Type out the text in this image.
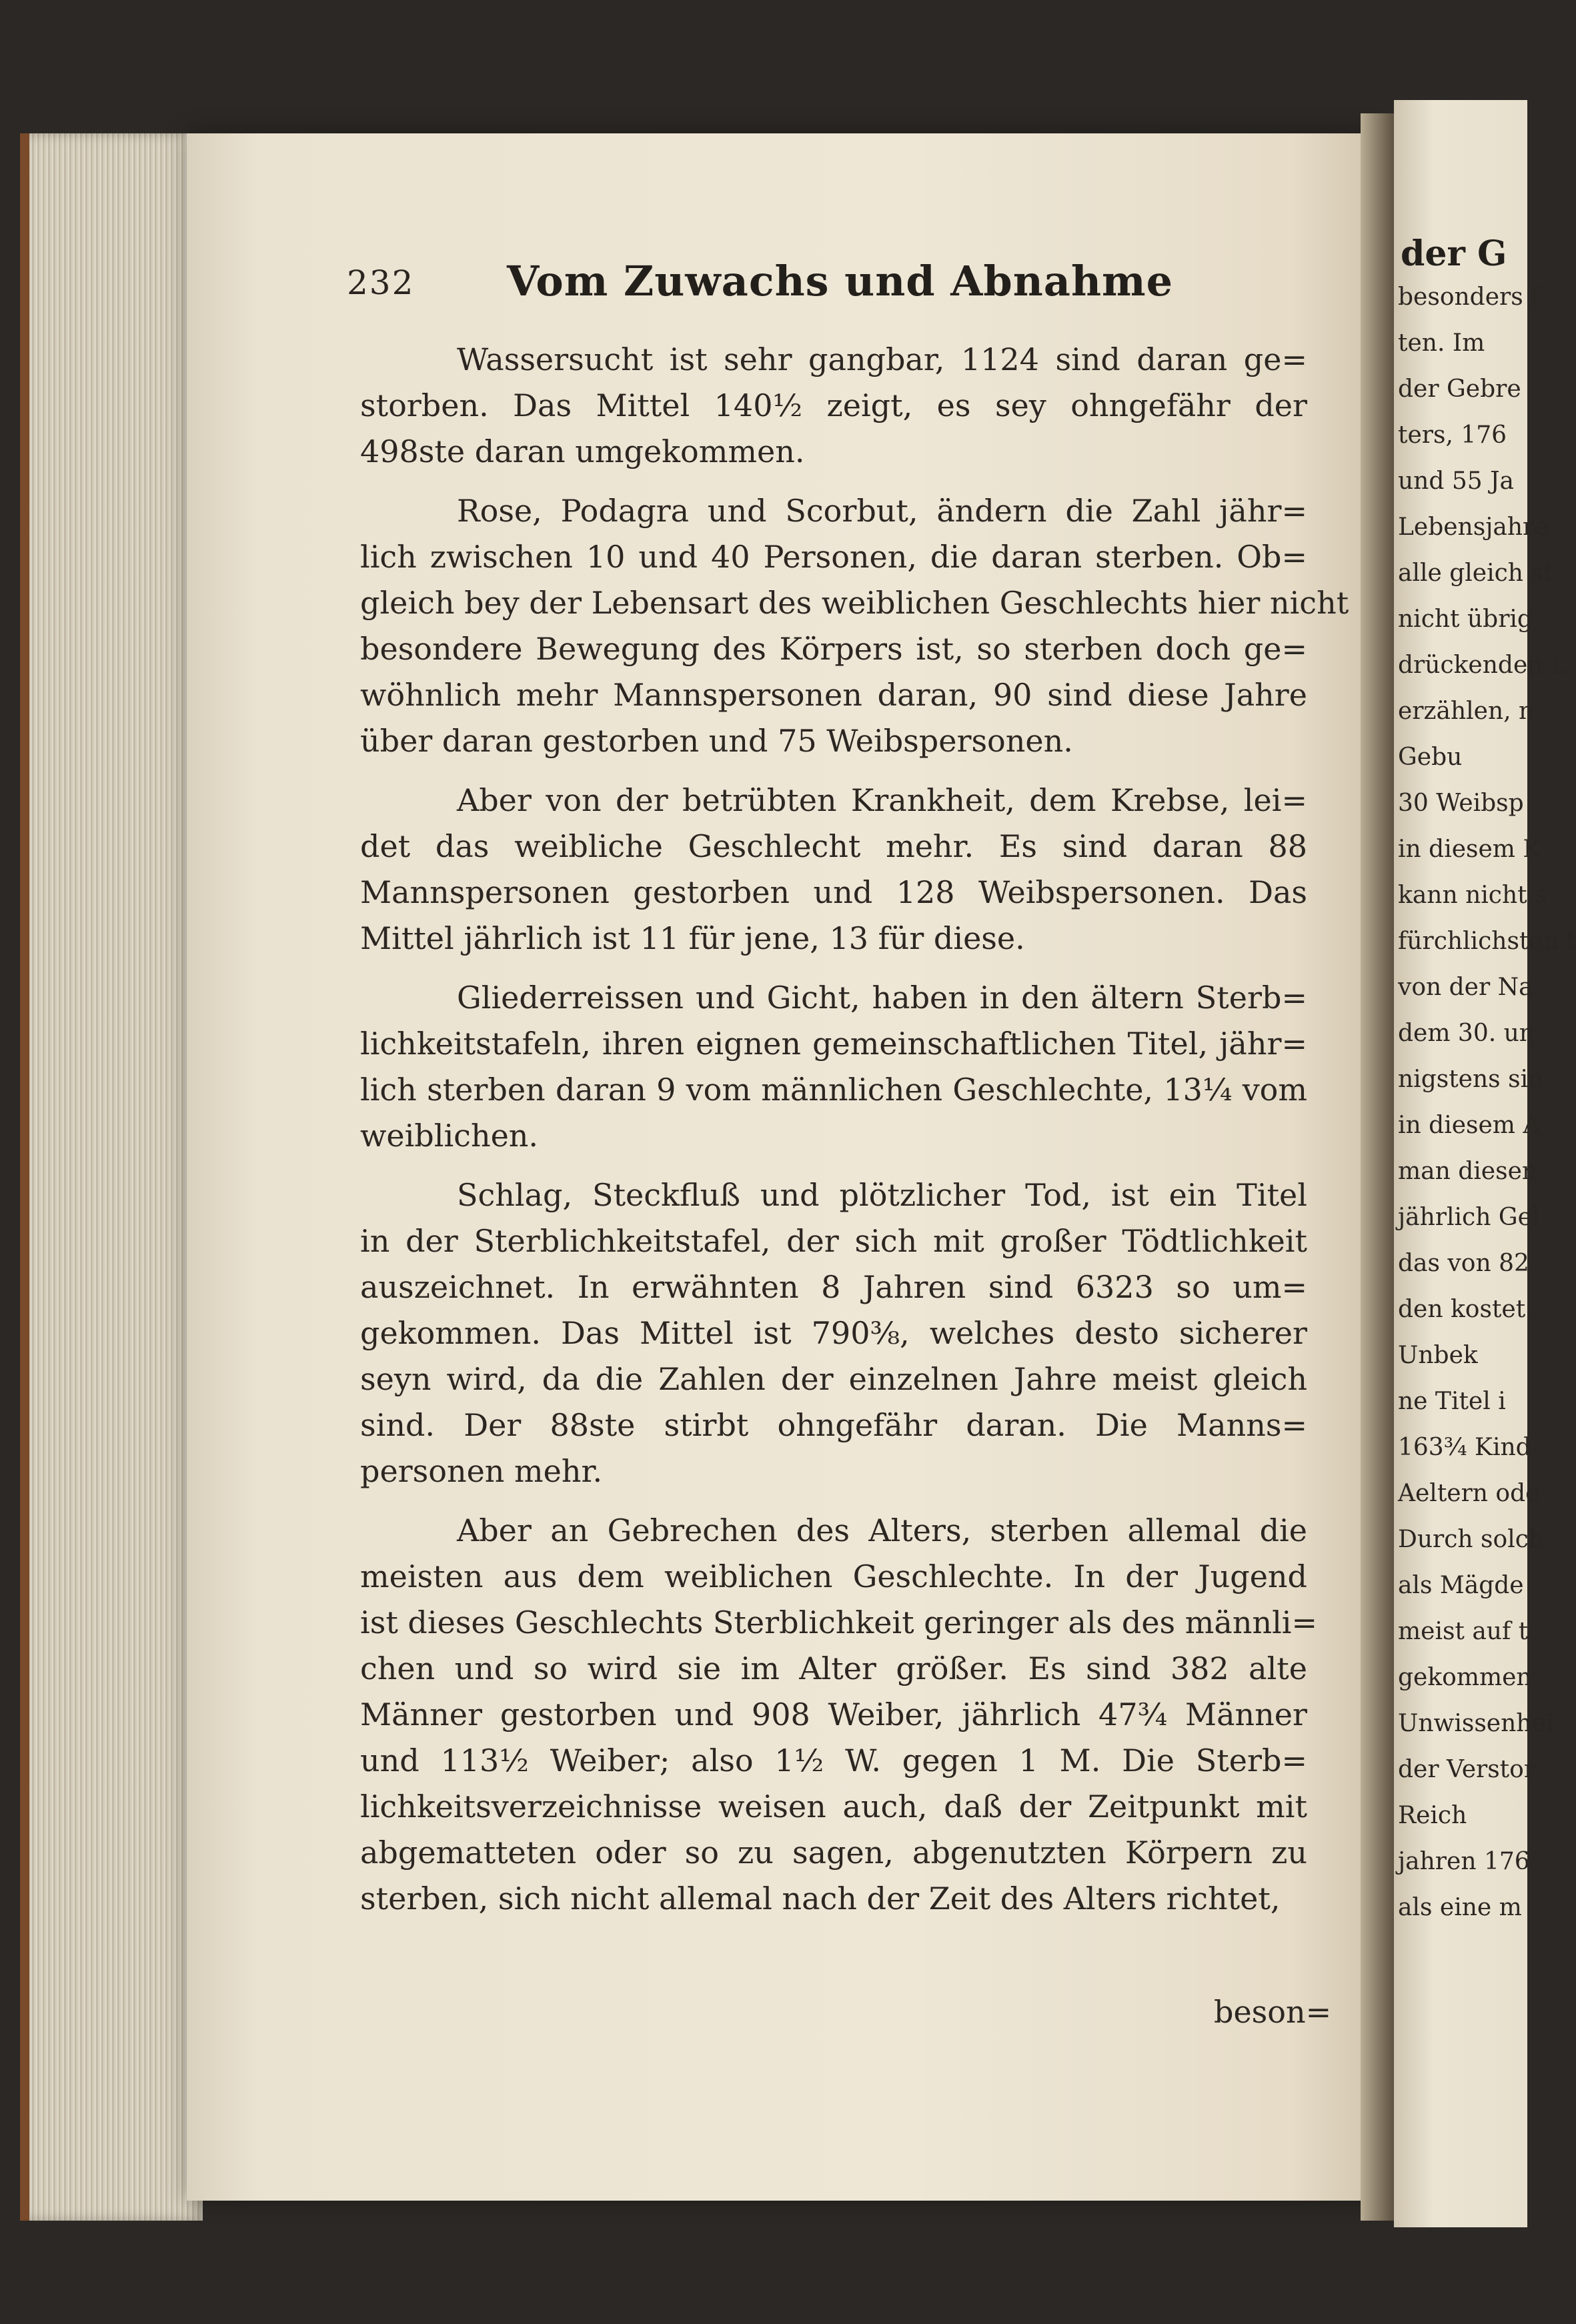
der G
besonders f
ten. Im
der Gebre
ters, 176
und 55 Ja
Lebensjahre
alle gleich st
nicht übrig
drückenden L
erzählen, n
Gebu
30 Weibsp
in diesem K
kann nicht s
fürchlichsten t
von der Na
dem 30. un
nigstens sin
in diesem A
man diesen
jährlich Gel
das von 82
den kostet.
Unbek
ne Titel i
163¾ Kind
Aeltern ode
Durch solch
als Mägde
meist auf t
gekommen
Unwissenhei
der Verstor
Reich
jahren 176
als eine m
232 Vom Zuwachs und Abnahme

Wassersucht ist sehr gangbar, 1124 sind daran ge=
storben. Das Mittel 140½ zeigt, es sey ohngefähr der
498ste daran umgekommen.

Rose, Podagra und Scorbut, ändern die Zahl jähr=
lich zwischen 10 und 40 Personen, die daran sterben. Ob=
gleich bey der Lebensart des weiblichen Geschlechts hier nicht
besondere Bewegung des Körpers ist, so sterben doch ge=
wöhnlich mehr Mannspersonen daran, 90 sind diese Jahre
über daran gestorben und 75 Weibspersonen.

Aber von der betrübten Krankheit, dem Krebse, lei=
det das weibliche Geschlecht mehr. Es sind daran 88
Mannspersonen gestorben und 128 Weibspersonen. Das
Mittel jährlich ist 11 für jene, 13 für diese.

Gliederreissen und Gicht, haben in den ältern Sterb=
lichkeitstafeln, ihren eignen gemeinschaftlichen Titel, jähr=
lich sterben daran 9 vom männlichen Geschlechte, 13¼ vom
weiblichen.

Schlag, Steckfluß und plötzlicher Tod, ist ein Titel
in der Sterblichkeitstafel, der sich mit großer Tödtlichkeit
auszeichnet. In erwähnten 8 Jahren sind 6323 so um=
gekommen. Das Mittel ist 790⅜, welches desto sicherer
seyn wird, da die Zahlen der einzelnen Jahre meist gleich
sind. Der 88ste stirbt ohngefähr daran. Die Manns=
personen mehr.

Aber an Gebrechen des Alters, sterben allemal die
meisten aus dem weiblichen Geschlechte. In der Jugend
ist dieses Geschlechts Sterblichkeit geringer als des männli=
chen und so wird sie im Alter größer. Es sind 382 alte
Männer gestorben und 908 Weiber, jährlich 47¾ Männer
und 113½ Weiber; also 1½ W. gegen 1 M. Die Sterb=
lichkeitsverzeichnisse weisen auch, daß der Zeitpunkt mit
abgematteten oder so zu sagen, abgenutzten Körpern zu
sterben, sich nicht allemal nach der Zeit des Alters richtet,

beson=
